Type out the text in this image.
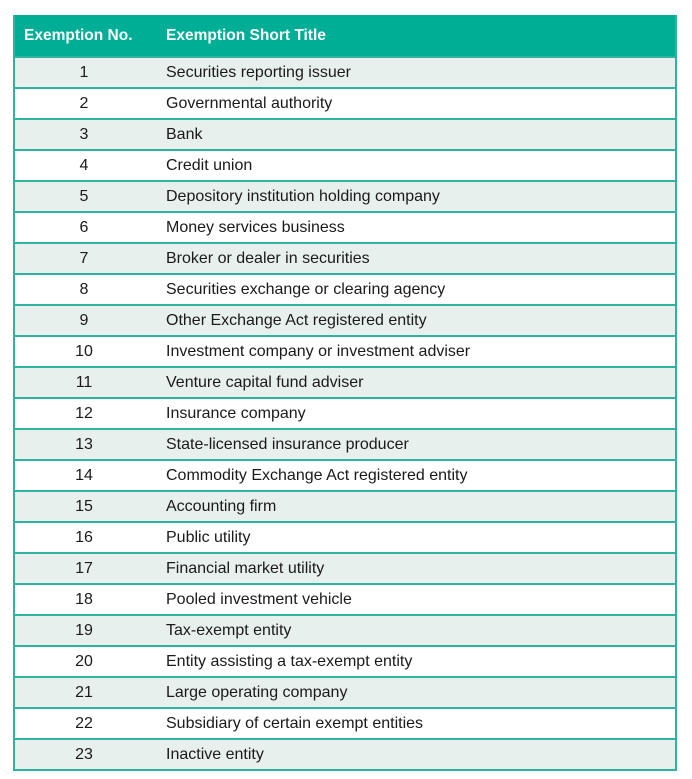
Exemption No.	Exemption Short Title
1	Securities reporting issuer
2	Governmental authority
3	Bank
4	Credit union
5	Depository institution holding company
6	Money services business
7	Broker or dealer in securities
8	Securities exchange or clearing agency
9	Other Exchange Act registered entity
10	Investment company or investment adviser
11	Venture capital fund adviser
12	Insurance company
13	State-licensed insurance producer
14	Commodity Exchange Act registered entity
15	Accounting firm
16	Public utility
17	Financial market utility
18	Pooled investment vehicle
19	Tax-exempt entity
20	Entity assisting a tax-exempt entity
21	Large operating company
22	Subsidiary of certain exempt entities
23	Inactive entity
